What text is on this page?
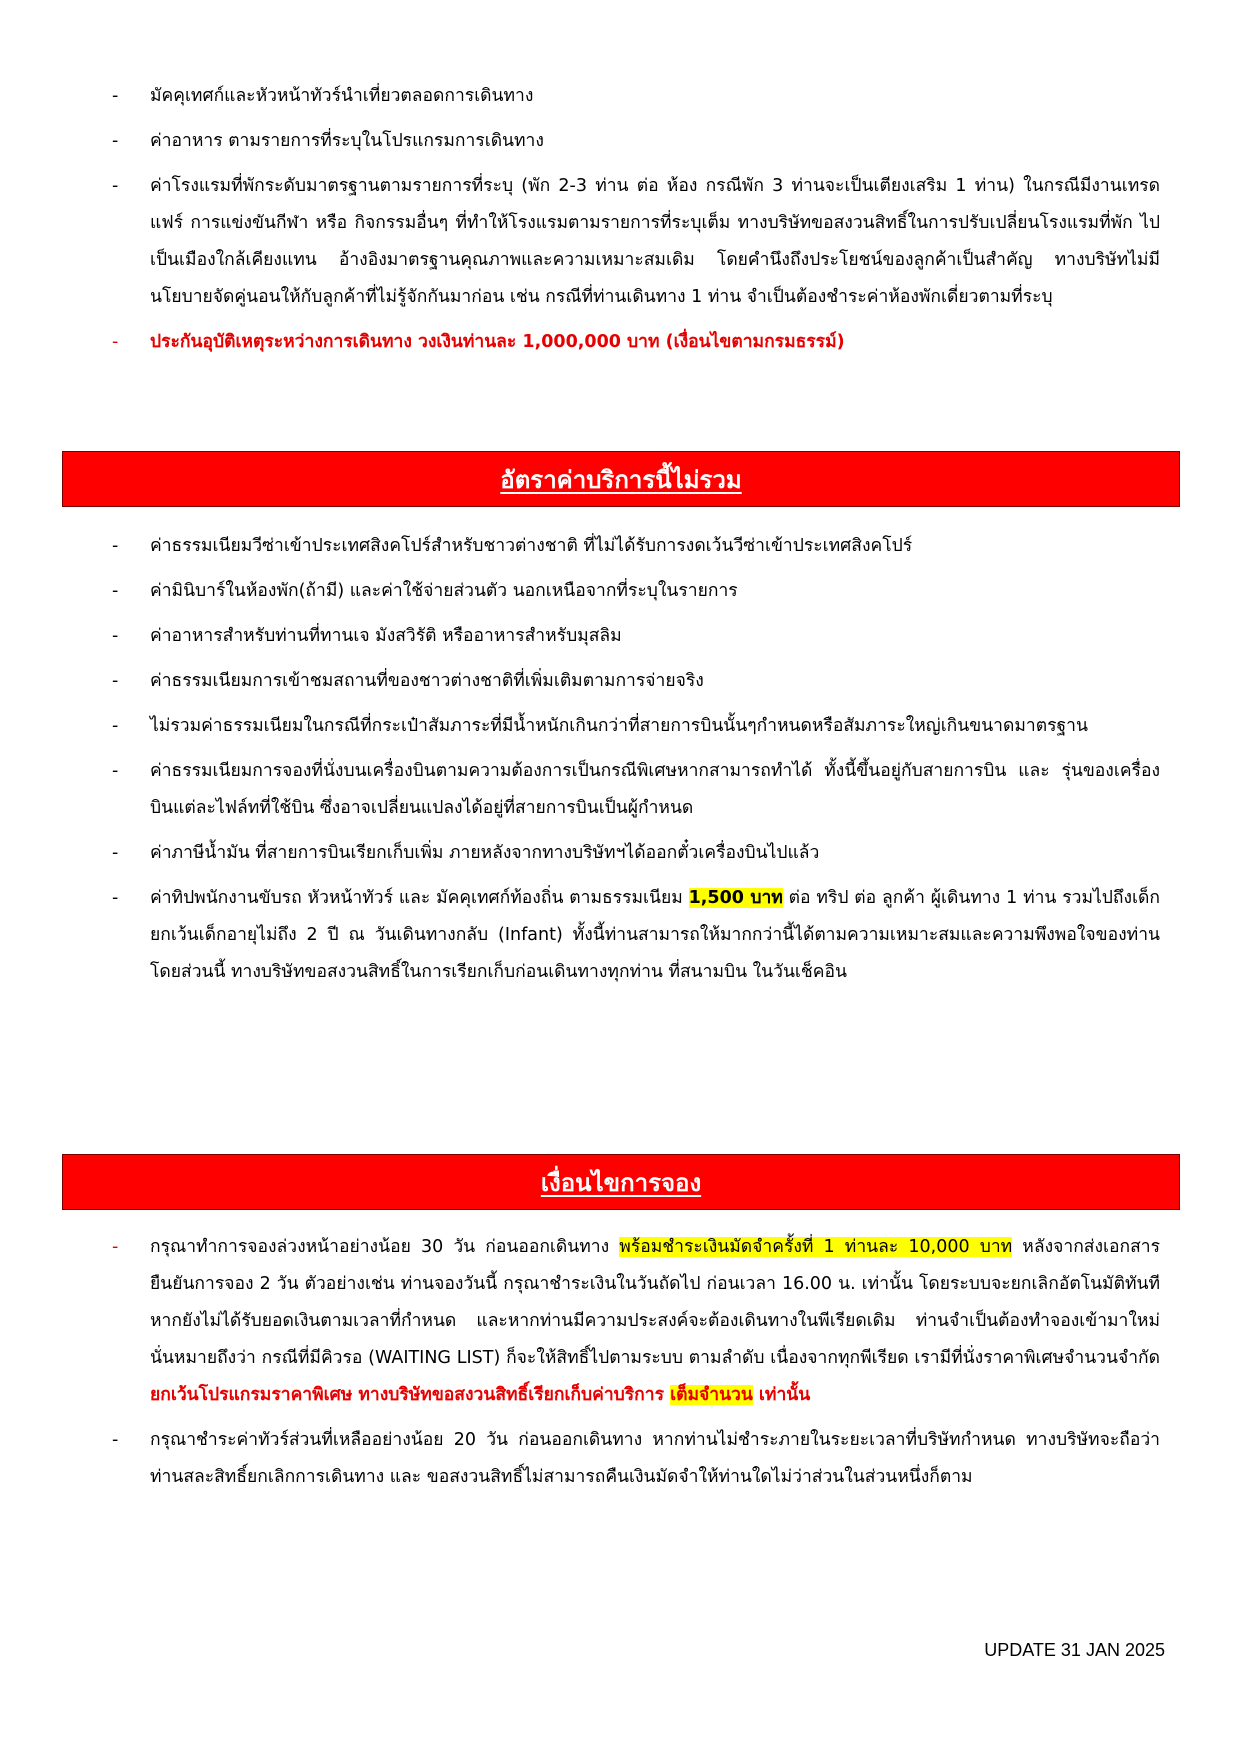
- มัคคุเทศก์และหัวหน้าทัวร์นำเที่ยวตลอดการเดินทาง
- ค่าอาหาร ตามรายการที่ระบุในโปรแกรมการเดินทาง
- ค่าโรงแรมที่พักระดับมาตรฐานตามรายการที่ระบุ (พัก 2-3 ท่าน ต่อ ห้อง กรณีพัก 3 ท่านจะเป็นเตียงเสริม 1 ท่าน) ในกรณีมีงานเทรดแฟร์ การแข่งขันกีฬา หรือ กิจกรรมอื่นๆ ที่ทำให้โรงแรมตามรายการที่ระบุเต็ม ทางบริษัทขอสงวนสิทธิ์ในการปรับเปลี่ยนโรงแรมที่พัก ไปเป็นเมืองใกล้เคียงแทน อ้างอิงมาตรฐานคุณภาพและความเหมาะสมเดิม โดยคำนึงถึงประโยชน์ของลูกค้าเป็นสำคัญ ทางบริษัทไม่มีนโยบายจัดคู่นอนให้กับลูกค้าที่ไม่รู้จักกันมาก่อน เช่น กรณีที่ท่านเดินทาง 1 ท่าน จำเป็นต้องชำระค่าห้องพักเดี่ยวตามที่ระบุ
- ประกันอุบัติเหตุระหว่างการเดินทาง วงเงินท่านละ 1,000,000 บาท (เงื่อนไขตามกรมธรรม์)
อัตราค่าบริการนี้ไม่รวม
- ค่าธรรมเนียมวีซ่าเข้าประเทศสิงคโปร์สำหรับชาวต่างชาติ ที่ไม่ได้รับการงดเว้นวีซ่าเข้าประเทศสิงคโปร์
- ค่ามินิบาร์ในห้องพัก(ถ้ามี) และค่าใช้จ่ายส่วนตัว นอกเหนือจากที่ระบุในรายการ
- ค่าอาหารสำหรับท่านที่ทานเจ มังสวิรัติ หรืออาหารสำหรับมุสลิม
- ค่าธรรมเนียมการเข้าชมสถานที่ของชาวต่างชาติที่เพิ่มเติมตามการจ่ายจริง
- ไม่รวมค่าธรรมเนียมในกรณีที่กระเป๋าสัมภาระที่มีน้ำหนักเกินกว่าที่สายการบินนั้นๆกำหนดหรือสัมภาระใหญ่เกินขนาดมาตรฐาน
- ค่าธรรมเนียมการจองที่นั่งบนเครื่องบินตามความต้องการเป็นกรณีพิเศษหากสามารถทำได้ ทั้งนี้ขึ้นอยู่กับสายการบิน และ รุ่นของเครื่องบินแต่ละไฟล์ทที่ใช้บิน ซึ่งอาจเปลี่ยนแปลงได้อยู่ที่สายการบินเป็นผู้กำหนด
- ค่าภาษีน้ำมัน ที่สายการบินเรียกเก็บเพิ่ม ภายหลังจากทางบริษัทฯได้ออกตั๋วเครื่องบินไปแล้ว
- ค่าทิปพนักงานขับรถ หัวหน้าทัวร์ และ มัคคุเทศก์ท้องถิ่น ตามธรรมเนียม 1,500 บาท ต่อ ทริป ต่อ ลูกค้า ผู้เดินทาง 1 ท่าน รวมไปถึงเด็ก ยกเว้นเด็กอายุไม่ถึง 2 ปี ณ วันเดินทางกลับ (Infant) ทั้งนี้ท่านสามารถให้มากกว่านี้ได้ตามความเหมาะสมและความพึงพอใจของท่าน โดยส่วนนี้ ทางบริษัทขอสงวนสิทธิ์ในการเรียกเก็บก่อนเดินทางทุกท่าน ที่สนามบิน ในวันเช็คอิน
เงื่อนไขการจอง
- กรุณาทำการจองล่วงหน้าอย่างน้อย 30 วัน ก่อนออกเดินทาง พร้อมชำระเงินมัดจำครั้งที่ 1 ท่านละ 10,000 บาท หลังจากส่งเอกสารยืนยันการจอง 2 วัน ตัวอย่างเช่น ท่านจองวันนี้ กรุณาชำระเงินในวันถัดไป ก่อนเวลา 16.00 น. เท่านั้น โดยระบบจะยกเลิกอัตโนมัติทันที หากยังไม่ได้รับยอดเงินตามเวลาที่กำหนด และหากท่านมีความประสงค์จะต้องเดินทางในพีเรียดเดิม ท่านจำเป็นต้องทำจองเข้ามาใหม่ นั่นหมายถึงว่า กรณีที่มีคิวรอ (WAITING LIST) ก็จะให้สิทธิ์ไปตามระบบ ตามลำดับ เนื่องจากทุกพีเรียด เรามีที่นั่งราคาพิเศษจำนวนจำกัด ยกเว้นโปรแกรมราคาพิเศษ ทางบริษัทขอสงวนสิทธิ์เรียกเก็บค่าบริการ เต็มจำนวน เท่านั้น
- กรุณาชำระค่าทัวร์ส่วนที่เหลืออย่างน้อย 20 วัน ก่อนออกเดินทาง หากท่านไม่ชำระภายในระยะเวลาที่บริษัทกำหนด ทางบริษัทจะถือว่าท่านสละสิทธิ์ยกเลิกการเดินทาง และ ขอสงวนสิทธิ์ไม่สามารถคืนเงินมัดจำให้ท่านใดไม่ว่าส่วนในส่วนหนึ่งก็ตาม
UPDATE 31 JAN 2025
